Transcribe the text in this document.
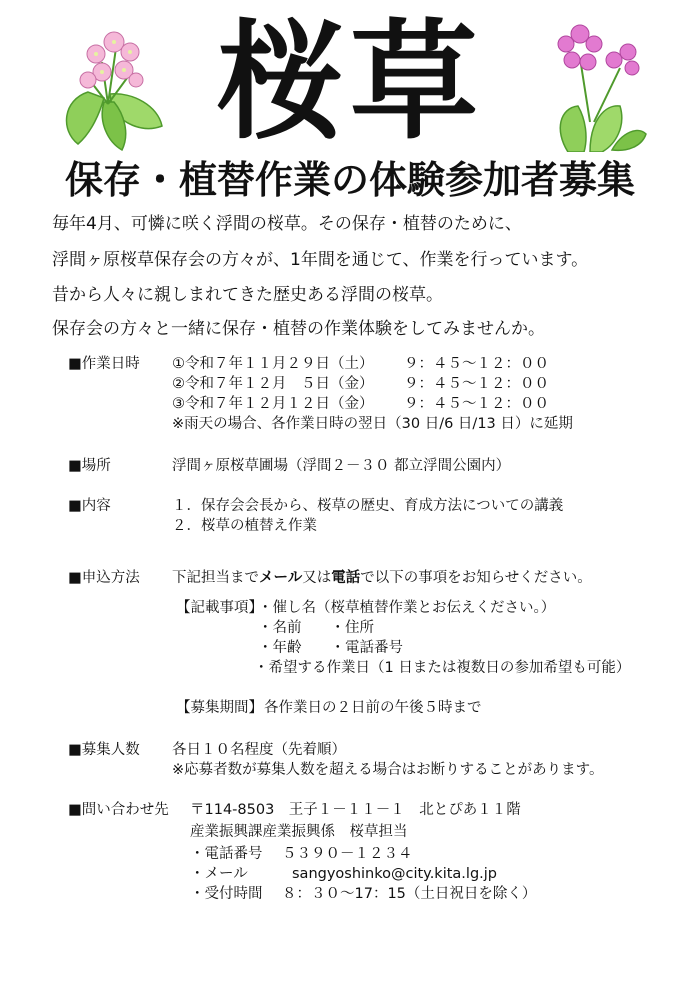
桜草
保存・植替作業の体験参加者募集
毎年4月、可憐に咲く浮間の桜草。その保存・植替のために、
浮間ヶ原桜草保存会の方々が、1年間を通じて、作業を行っています。
昔から人々に親しまれてきた歴史ある浮間の桜草。
保存会の方々と一緒に保存・植替の作業体験をしてみませんか。
■作業日時 ①令和７年１１月２９日（土） ９：４５～１２：００
②令和７年１２月　５日（金） ９：４５～１２：００
③令和７年１２月１２日（金） ９：４５～１２：００
※雨天の場合、各作業日時の翌日（30 日/6 日/13 日）に延期
■場所	浮間ヶ原桜草圃場（浮間２－３０ 都立浮間公園内）
■内容	１．保存会会長から、桜草の歴史、育成方法についての講義
２．桜草の植替え作業
■申込方法 下記担当までメール又は電話で以下の事項をお知らせください。
【記載事項】
・催し名（桜草植替作業とお伝えください。）
・名前　　・住所
・年齢　　・電話番号
・希望する作業日（1 日または複数日の参加希望も可能）
【募集期間】 各作業日の２日前の午後５時まで
■募集人数 各日１０名程度（先着順）
※応募者数が募集人数を超える場合はお断りすることがあります。
■問い合わせ先 〒114-8503　王子１－１１－１　北とぴあ１１階
産業振興課産業振興係　桜草担当
・電話番号 ５３９０－１２３４
・メール	sangyoshinko@city.kita.lg.jp
・受付時間 ８：３０～17：15（土日祝日を除く）
